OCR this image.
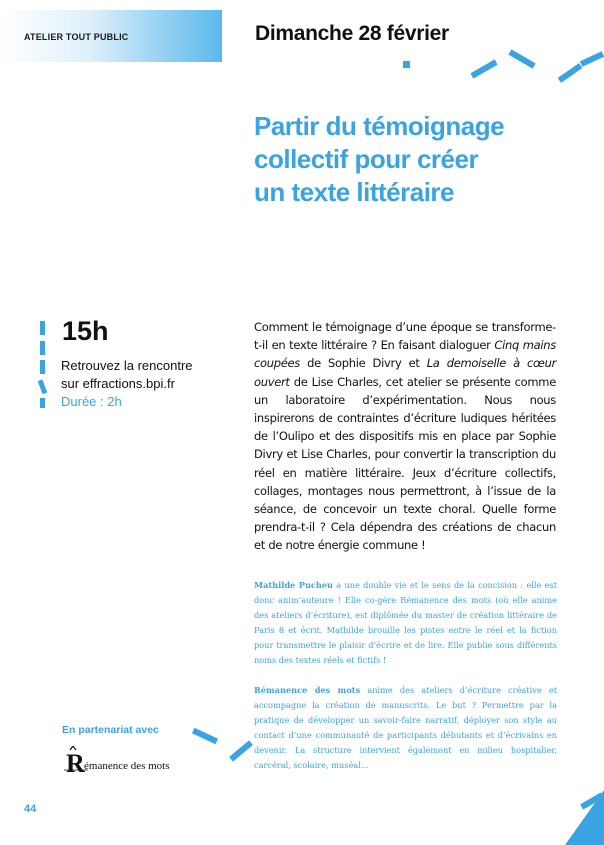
ATELIER TOUT PUBLIC	Dimanche 28 février
Partir du témoignage
collectif pour créer
un texte littéraire
15h
Retrouvez la rencontre
sur effractions.bpi.fr
Durée : 2h
Comment le témoignage d’une époque se transforme-t-il en texte littéraire ? En faisant dialoguer Cinq mains coupées de Sophie Divry et La demoiselle à cœur ouvert de Lise Charles, cet atelier se présente comme un laboratoire d’expérimentation. Nous nous inspirerons de contraintes d’écriture ludiques héritées de l’Oulipo et des dispositifs mis en place par Sophie Divry et Lise Charles, pour convertir la transcription du réel en matière littéraire. Jeux d’écriture collectifs, collages, montages nous permettront, à l’issue de la séance, de concevoir un texte choral. Quelle forme prendra-t-il ? Cela dépendra des créations de chacun et de notre énergie commune !
Mathilde Pucheu a une double vie et le sens de la concision : elle est donc anim’auteure ! Elle co-gère Rémanence des mots (où elle anime des ateliers d’écriture), est diplômée du master de création littéraire de Paris 8 et écrit. Mathilde brouille les pistes entre le réel et la fiction pour transmettre le plaisir d’écrire et de lire. Elle publie sous différents noms des textes réels et fictifs !
Rémanence des mots anime des ateliers d’écriture créative et accompagne la création de manuscrits. Le but ? Permettre par la pratique de développer un savoir-faire narratif, déployer son style au contact d’une communauté de participants débutants et d’écrivains en devenir. La structure intervient également en milieu hospitalier, carcéral, scolaire, muséal…
En partenariat avec
R émanence des mots
44
